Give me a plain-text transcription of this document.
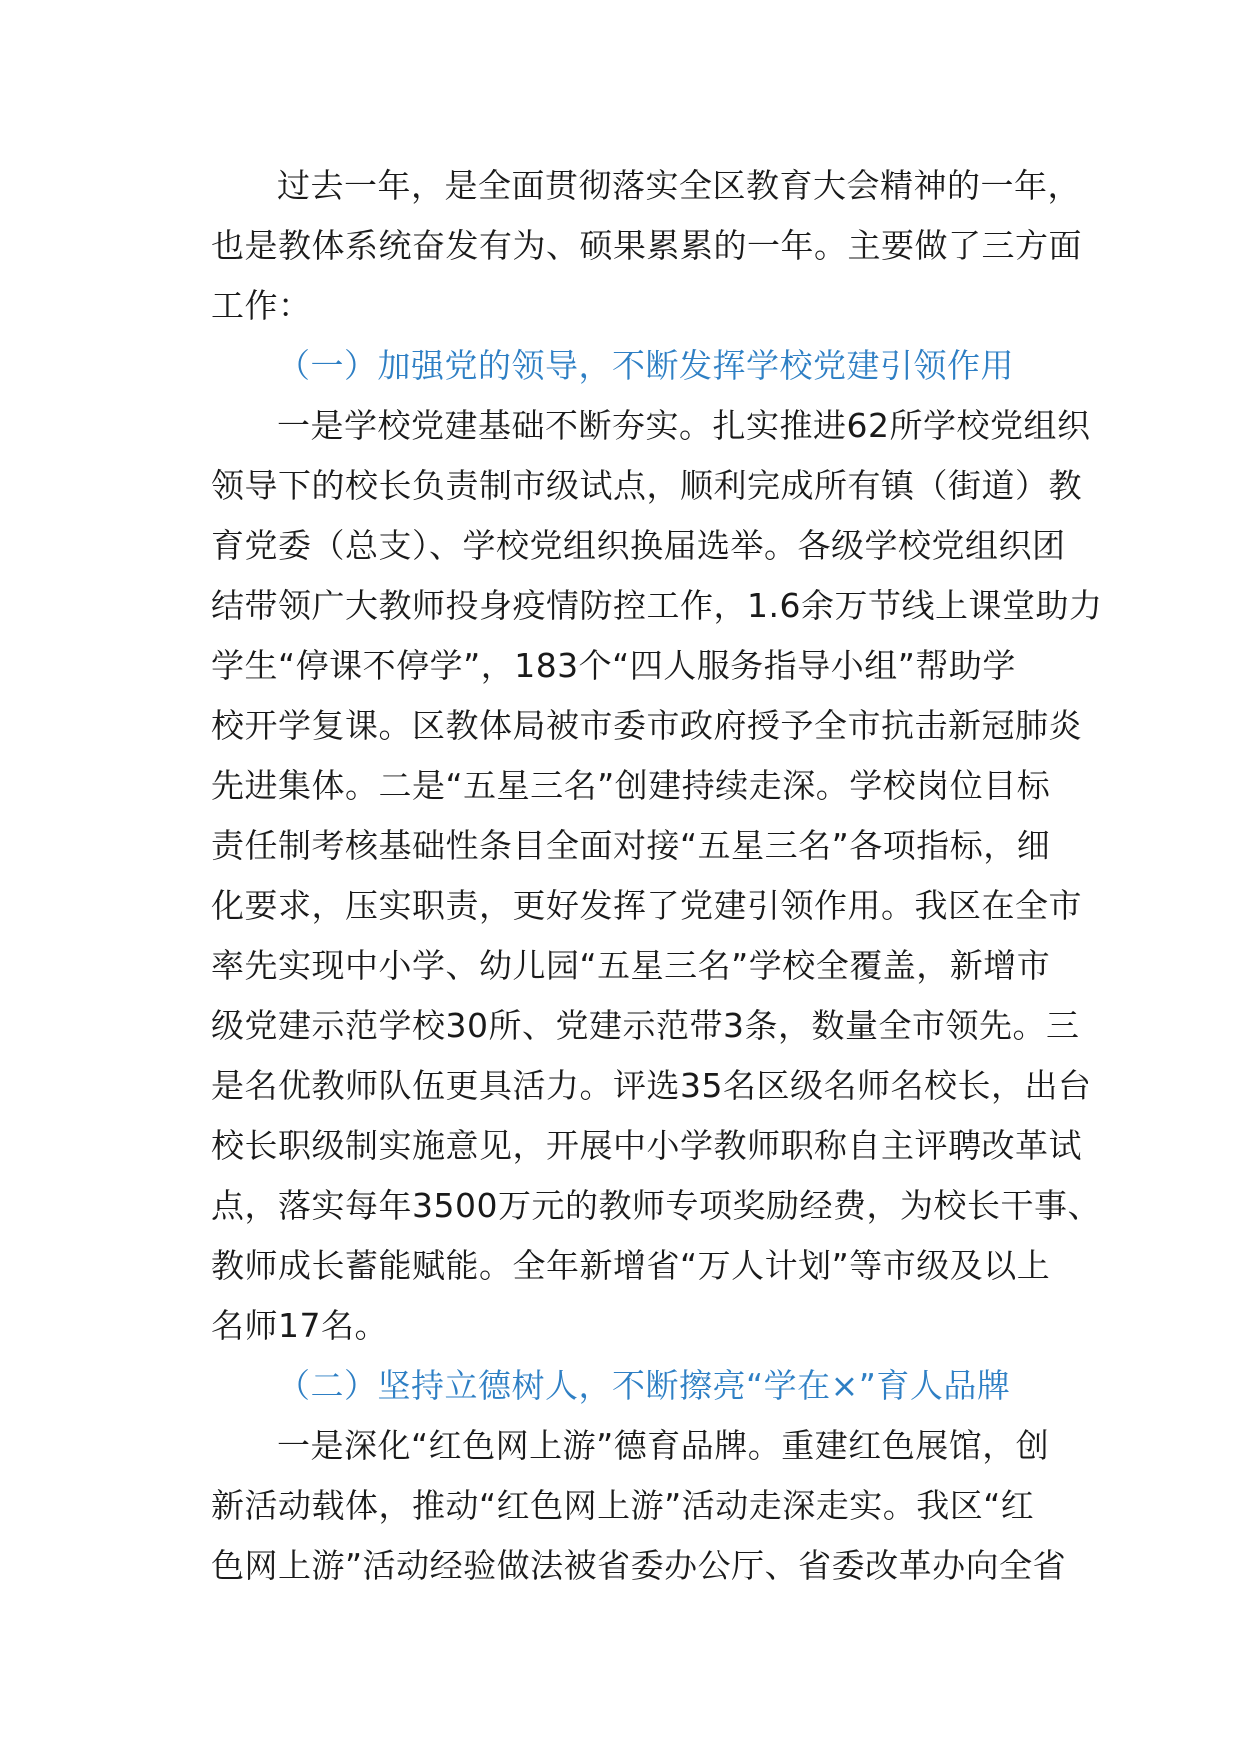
过去一年，是全面贯彻落实全区教育大会精神的一年，
也是教体系统奋发有为、硕果累累的一年。主要做了三方面
工作：
（一）加强党的领导，不断发挥学校党建引领作用
一是学校党建基础不断夯实。扎实推进62所学校党组织
领导下的校长负责制市级试点，顺利完成所有镇（街道）教
育党委（总支）、学校党组织换届选举。各级学校党组织团
结带领广大教师投身疫情防控工作，1.6余万节线上课堂助力
学生“停课不停学”，183个“四人服务指导小组”帮助学
校开学复课。区教体局被市委市政府授予全市抗击新冠肺炎
先进集体。二是“五星三名”创建持续走深。学校岗位目标
责任制考核基础性条目全面对接“五星三名”各项指标，细
化要求，压实职责，更好发挥了党建引领作用。我区在全市
率先实现中小学、幼儿园“五星三名”学校全覆盖，新增市
级党建示范学校30所、党建示范带3条，数量全市领先。三
是名优教师队伍更具活力。评选35名区级名师名校长，出台
校长职级制实施意见，开展中小学教师职称自主评聘改革试
点，落实每年3500万元的教师专项奖励经费，为校长干事、
教师成长蓄能赋能。全年新增省“万人计划”等市级及以上
名师17名。
（二）坚持立德树人，不断擦亮“学在×”育人品牌
一是深化“红色网上游”德育品牌。重建红色展馆，创
新活动载体，推动“红色网上游”活动走深走实。我区“红
色网上游”活动经验做法被省委办公厅、省委改革办向全省
